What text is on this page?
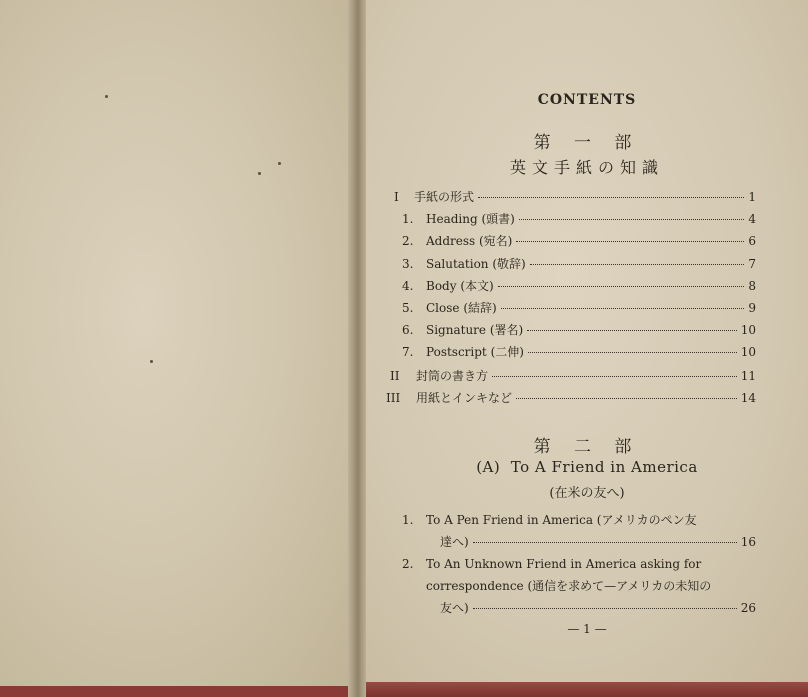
CONTENTS
第 一 部
英文手紙の知識
I	手紙の形式	1
1.	Heading (頭書)	4
2.	Address (宛名)	6
3.	Salutation (敬辞)	7
4.	Body (本文)	8
5.	Close (結辞)	9
6.	Signature (署名)	10
7.	Postscript (二伸)	10
II	封筒の書き方	11
III	用紙とインキなど	14
第 二 部
(A)  To A Friend in America
(在米の友へ)
1.	To A Pen Friend in America (アメリカのペン友
達へ)	16
2.	To An Unknown Friend in America asking for
correspondence (通信を求めて—アメリカの未知の
友へ)	26
— 1 —
